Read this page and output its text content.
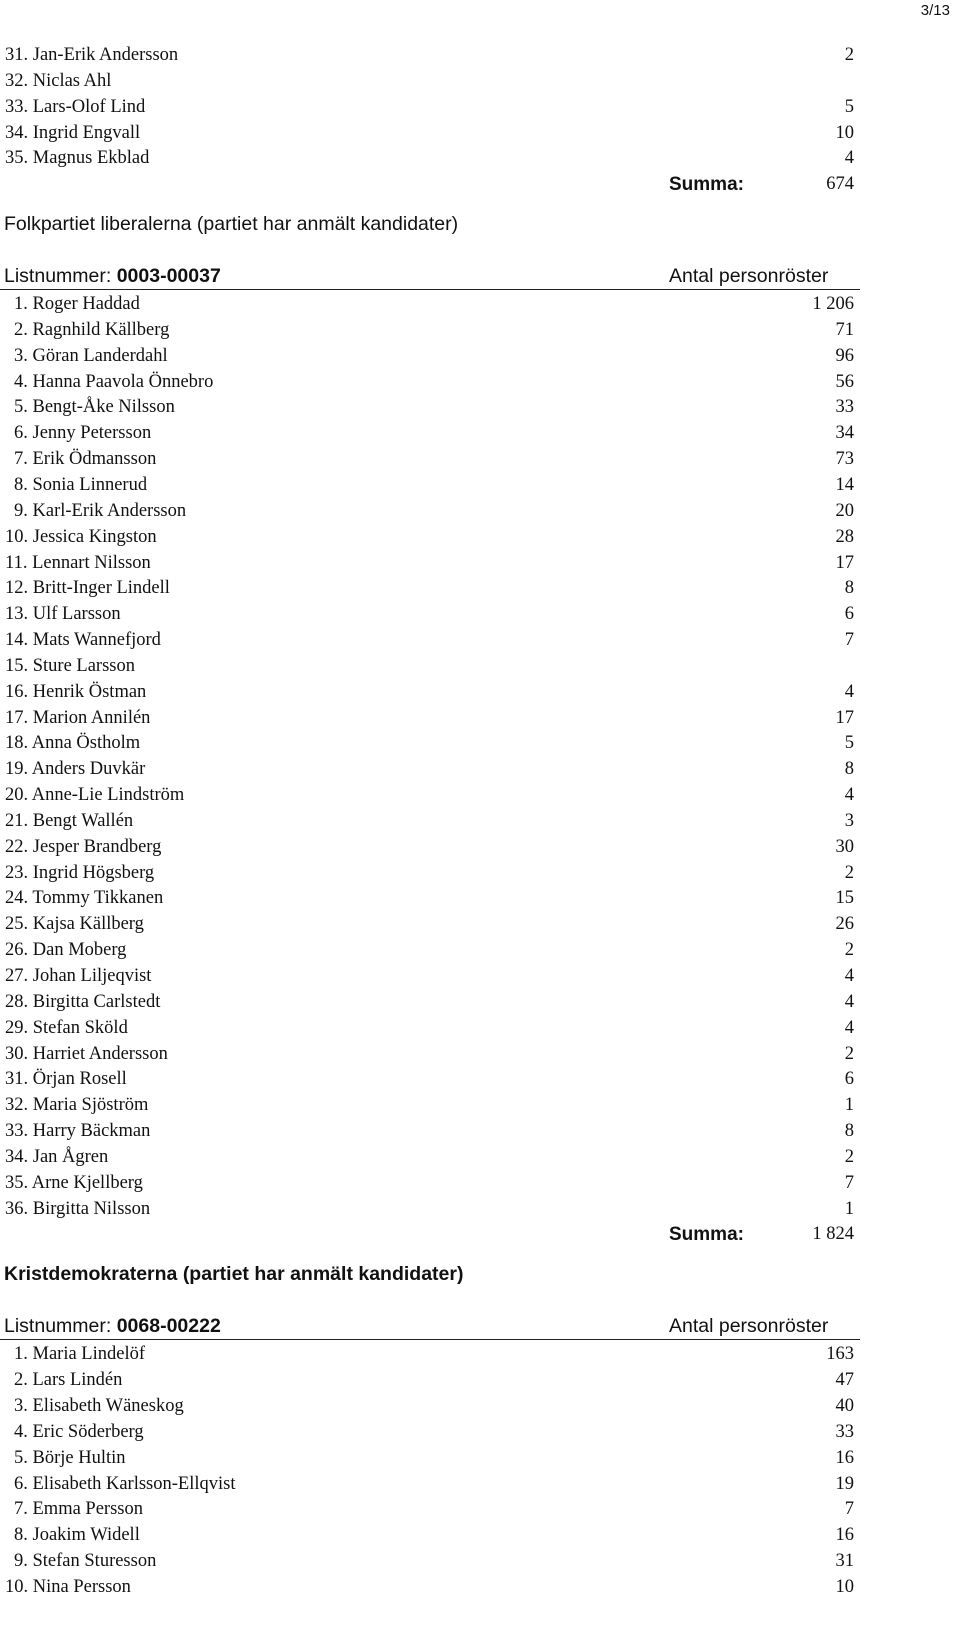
3/13
31. Jan-Erik Andersson	2
32. Niclas Ahl
33. Lars-Olof Lind	5
34. Ingrid Engvall	10
35. Magnus Ekblad	4
Summa:	674
Folkpartiet liberalerna (partiet har anmält kandidater)
Listnummer: 0003-00037	Antal personröster
1. Roger Haddad	1 206
2. Ragnhild Källberg	71
3. Göran Landerdahl	96
4. Hanna Paavola Önnebro	56
5. Bengt-Åke Nilsson	33
6. Jenny Petersson	34
7. Erik Ödmansson	73
8. Sonia Linnerud	14
9. Karl-Erik Andersson	20
10. Jessica Kingston	28
11. Lennart Nilsson	17
12. Britt-Inger Lindell	8
13. Ulf Larsson	6
14. Mats Wannefjord	7
15. Sture Larsson
16. Henrik Östman	4
17. Marion Annilén	17
18. Anna Östholm	5
19. Anders Duvkär	8
20. Anne-Lie Lindström	4
21. Bengt Wallén	3
22. Jesper Brandberg	30
23. Ingrid Högsberg	2
24. Tommy Tikkanen	15
25. Kajsa Källberg	26
26. Dan Moberg	2
27. Johan Liljeqvist	4
28. Birgitta Carlstedt	4
29. Stefan Sköld	4
30. Harriet Andersson	2
31. Örjan Rosell	6
32. Maria Sjöström	1
33. Harry Bäckman	8
34. Jan Ågren	2
35. Arne Kjellberg	7
36. Birgitta Nilsson	1
Summa:	1 824
Kristdemokraterna (partiet har anmält kandidater)
Listnummer: 0068-00222	Antal personröster
1. Maria Lindelöf	163
2. Lars Lindén	47
3. Elisabeth Wäneskog	40
4. Eric Söderberg	33
5. Börje Hultin	16
6. Elisabeth Karlsson-Ellqvist	19
7. Emma Persson	7
8. Joakim Widell	16
9. Stefan Sturesson	31
10. Nina Persson	10
